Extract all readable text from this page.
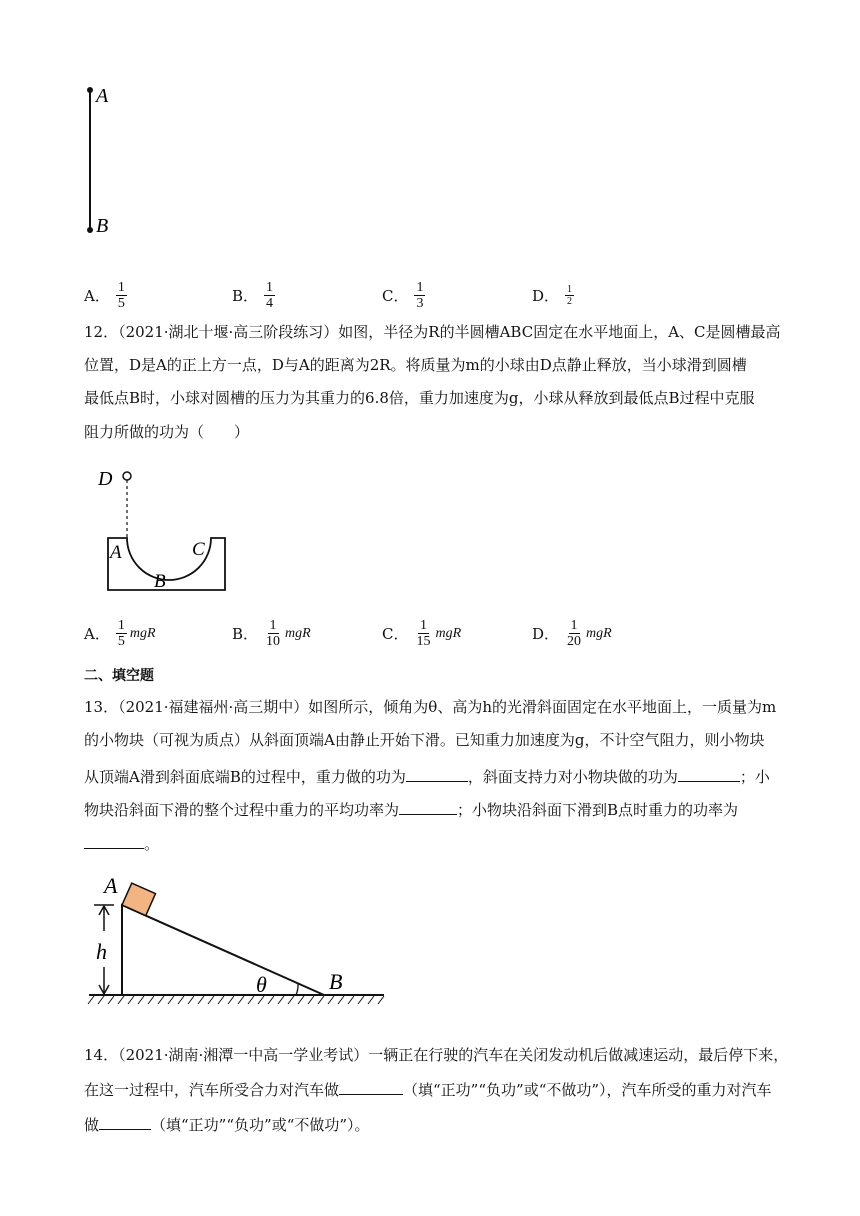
A
B
A． $\frac{1}{5}$	B． $\frac{1}{4}$	C． $\frac{1}{3}$	D． $\frac{1}{2}$
12．（2021·湖北十堰·高三阶段练习）如图，半径为R的半圆槽ABC固定在水平地面上，A、C是圆槽最高
位置，D是A的正上方一点，D与A的距离为2R。将质量为m的小球由D点静止释放，当小球滑到圆槽
最低点B时，小球对圆槽的压力为其重力的6.8倍，重力加速度为g，小球从释放到最低点B过程中克服
阻力所做的功为（　　）
D
A	C
B
A． $\frac{1}{5}$ mgR	B． $\frac{1}{10}$ mgR	C． $\frac{1}{15}$ mgR	D． $\frac{1}{20}$ mgR
二、填空题
13．（2021·福建福州·高三期中）如图所示，倾角为θ、高为h的光滑斜面固定在水平地面上，一质量为m
的小物块（可视为质点）从斜面顶端A由静止开始下滑。已知重力加速度为g，不计空气阻力，则小物块
从顶端A滑到斜面底端B的过程中，重力做的功为	，斜面支持力对小物块做的功为	；小
物块沿斜面下滑的整个过程中重力的平均功率为	；小物块沿斜面下滑到B点时重力的功率为
。
A
h
θ	B
14．（2021·湖南·湘潭一中高一学业考试）一辆正在行驶的汽车在关闭发动机后做减速运动，最后停下来，
在这一过程中，汽车所受合力对汽车做	（填“正功”“负功”或“不做功”），汽车所受的重力对汽车
做	（填“正功”“负功”或“不做功”）。
